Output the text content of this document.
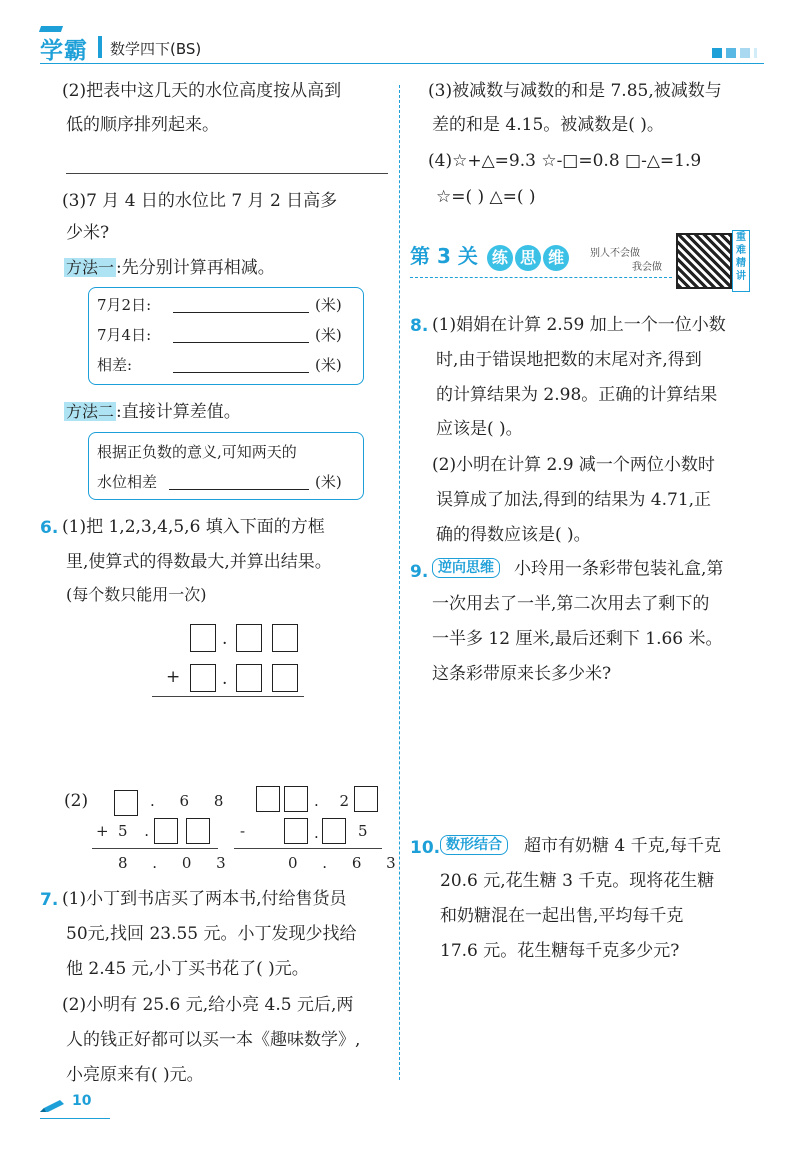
学霸 数学四下(BS)
(2)把表中这几天的水位高度按从高到
低的顺序排列起来。
(3)7 月 4 日的水位比 7 月 2 日高多
少米?
方法一 :先分别计算再相减。
7月2日:	(米)
7月4日:	(米)
相差:	(米)
方法二 :直接计算差值。
根据正负数的意义,可知两天的
水位相差	(米)
6. (1)把 1,2,3,4,5,6 填入下面的方框
里,使算式的得数最大,并算出结果。
(每个数只能用一次)
.
+ .
(2)	. 6 8
+ 5 .
8 . 0 3
. 2
-	.	5
0 . 6 3
7. (1)小丁到书店买了两本书,付给售货员
50元,找回 23.55 元。小丁发现少找给
他 2.45 元,小丁买书花了( )元。
(2)小明有 25.6 元,给小亮 4.5 元后,两
人的钱正好都可以买一本《趣味数学》,
小亮原来有( )元。
(3)被减数与减数的和是 7.85,被减数与
差的和是 4.15。被减数是( )。
(4)☆+△=9.3 ☆-□=0.8 □-△=1.9
☆=( ) △=( )
第 3 关 练 思 维	别人不会做
我会做
重难精讲
8. (1)娟娟在计算 2.59 加上一个一位小数
时,由于错误地把数的末尾对齐,得到
的计算结果为 2.98。正确的计算结果
应该是( )。
(2)小明在计算 2.9 减一个两位小数时
误算成了加法,得到的结果为 4.71,正
确的得数应该是( )。
9. 逆向思维	小玲用一条彩带包装礼盒,第
一次用去了一半,第二次用去了剩下的
一半多 12 厘米,最后还剩下 1.66 米。
这条彩带原来长多少米?
10. 数形结合	超市有奶糖 4 千克,每千克
20.6 元,花生糖 3 千克。现将花生糖
和奶糖混在一起出售,平均每千克
17.6 元。花生糖每千克多少元?
10
